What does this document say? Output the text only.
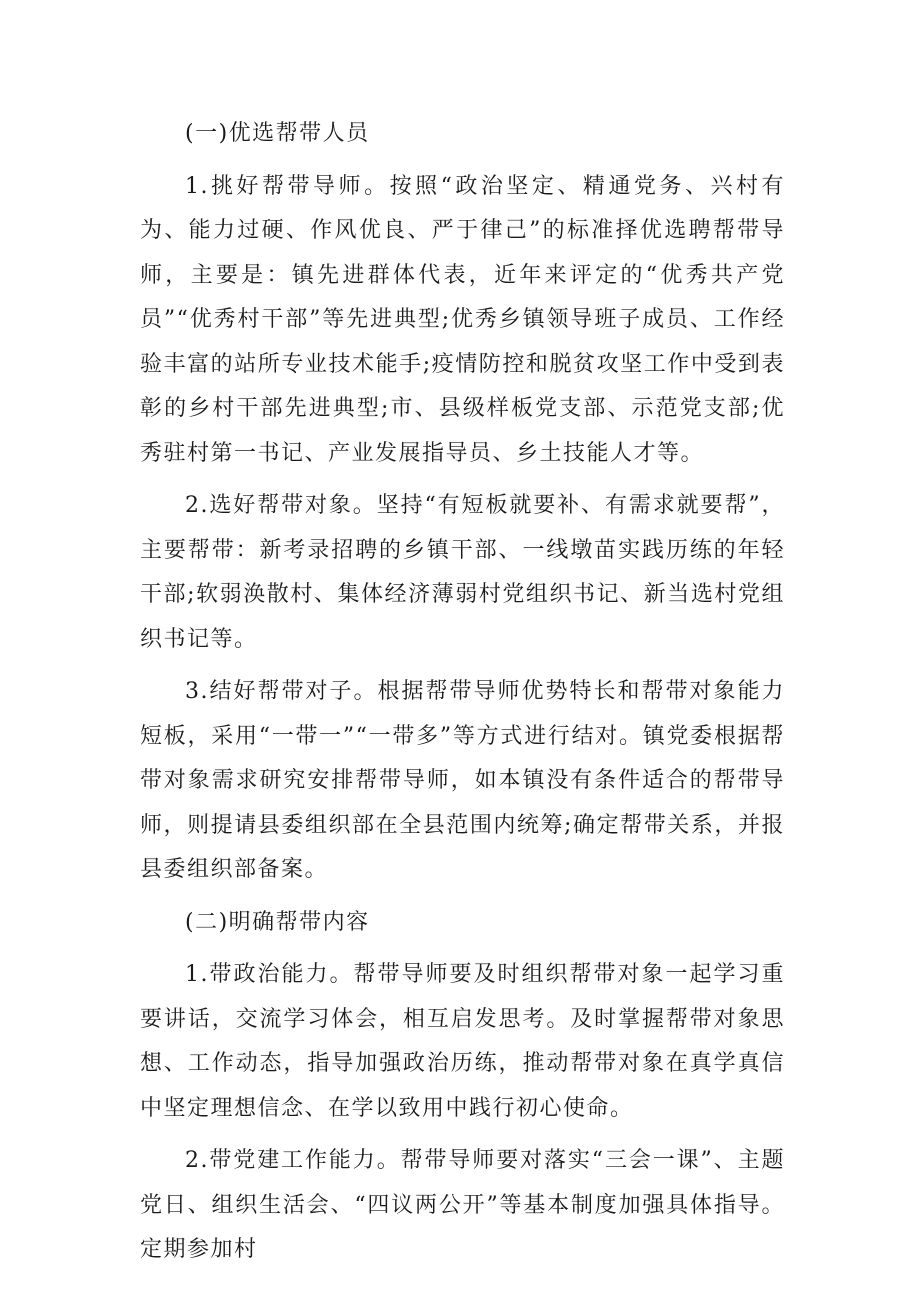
(一)优选帮带人员

1.挑好帮带导师。按照“政治坚定、精通党务、兴村有为、能力过硬、作风优良、严于律己”的标准择优选聘帮带导师，主要是：镇先进群体代表，近年来评定的“优秀共产党员”“优秀村干部”等先进典型;优秀乡镇领导班子成员、工作经验丰富的站所专业技术能手;疫情防控和脱贫攻坚工作中受到表彰的乡村干部先进典型;市、县级样板党支部、示范党支部;优秀驻村第一书记、产业发展指导员、乡土技能人才等。

2.选好帮带对象。坚持“有短板就要补、有需求就要帮”，主要帮带：新考录招聘的乡镇干部、一线墩苗实践历练的年轻干部;软弱涣散村、集体经济薄弱村党组织书记、新当选村党组织书记等。

3.结好帮带对子。根据帮带导师优势特长和帮带对象能力短板，采用“一带一”“一带多”等方式进行结对。镇党委根据帮带对象需求研究安排帮带导师，如本镇没有条件适合的帮带导师，则提请县委组织部在全县范围内统筹;确定帮带关系，并报县委组织部备案。

(二)明确帮带内容

1.带政治能力。帮带导师要及时组织帮带对象一起学习重要讲话，交流学习体会，相互启发思考。及时掌握帮带对象思想、工作动态，指导加强政治历练，推动帮带对象在真学真信中坚定理想信念、在学以致用中践行初心使命。

2.带党建工作能力。帮带导师要对落实“三会一课”、主题党日、组织生活会、“四议两公开”等基本制度加强具体指导。定期参加村
